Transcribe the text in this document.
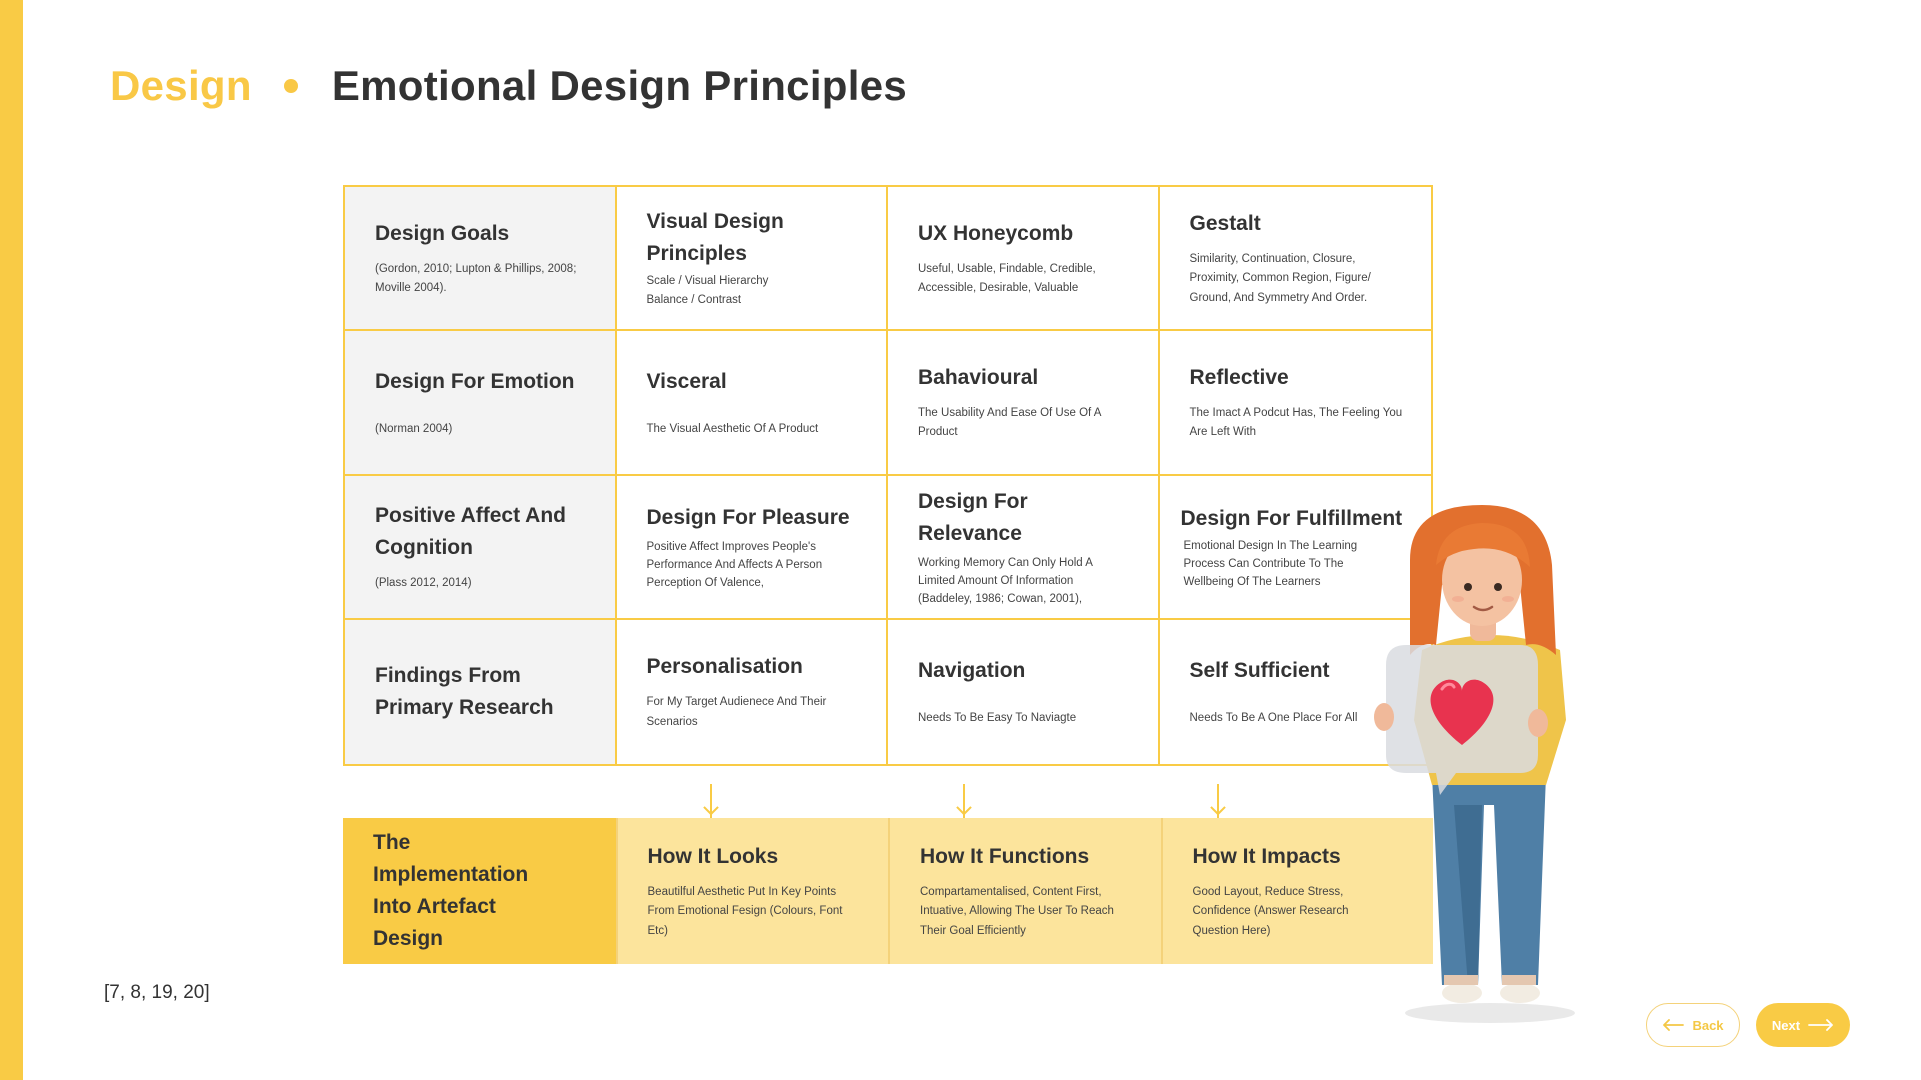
Design Emotional Design Principles
Design Goals
(Gordon, 2010; Lupton & Phillips, 2008; Moville 2004).
Visual Design Principles
Scale / Visual Hierarchy Balance / Contrast
UX Honeycomb
Useful, Usable, Findable, Credible, Accessible, Desirable, Valuable
Gestalt
Similarity, Continuation, Closure, Proximity, Common Region, Figure/ Ground, And Symmetry And Order.
Design For Emotion
(Norman 2004)
Visceral
The Visual Aesthetic Of A Product
Bahavioural
The Usability And Ease Of Use Of A Product
Reflective
The Imact A Podcut Has, The Feeling You Are Left With
Positive Affect And Cognition
(Plass 2012, 2014)
Design For Pleasure
Positive Affect Improves People's Performance And Affects A Person Perception Of Valence,
Design For Relevance
Working Memory Can Only Hold A Limited Amount Of Information (Baddeley, 1986; Cowan, 2001),
Design For Fulfillment
Emotional Design In The Learning Process Can Contribute To The Wellbeing Of The Learners
Findings From Primary Research
Personalisation
For My Target Audienece And Their Scenarios
Navigation
Needs To Be Easy To Naviagte
Self Sufficient
Needs To Be A One Place For All
The Implementation Into Artefact Design
How It Looks
Beautilful Aesthetic Put In Key Points From Emotional Fesign (Colours, Font Etc)
How It Functions
Compartamentalised, Content First, Intuative, Allowing The User To Reach Their Goal Efficiently
How It Impacts
Good Layout, Reduce Stress, Confidence (Answer Research Question Here)
[7, 8, 19, 20]
Back	Next
